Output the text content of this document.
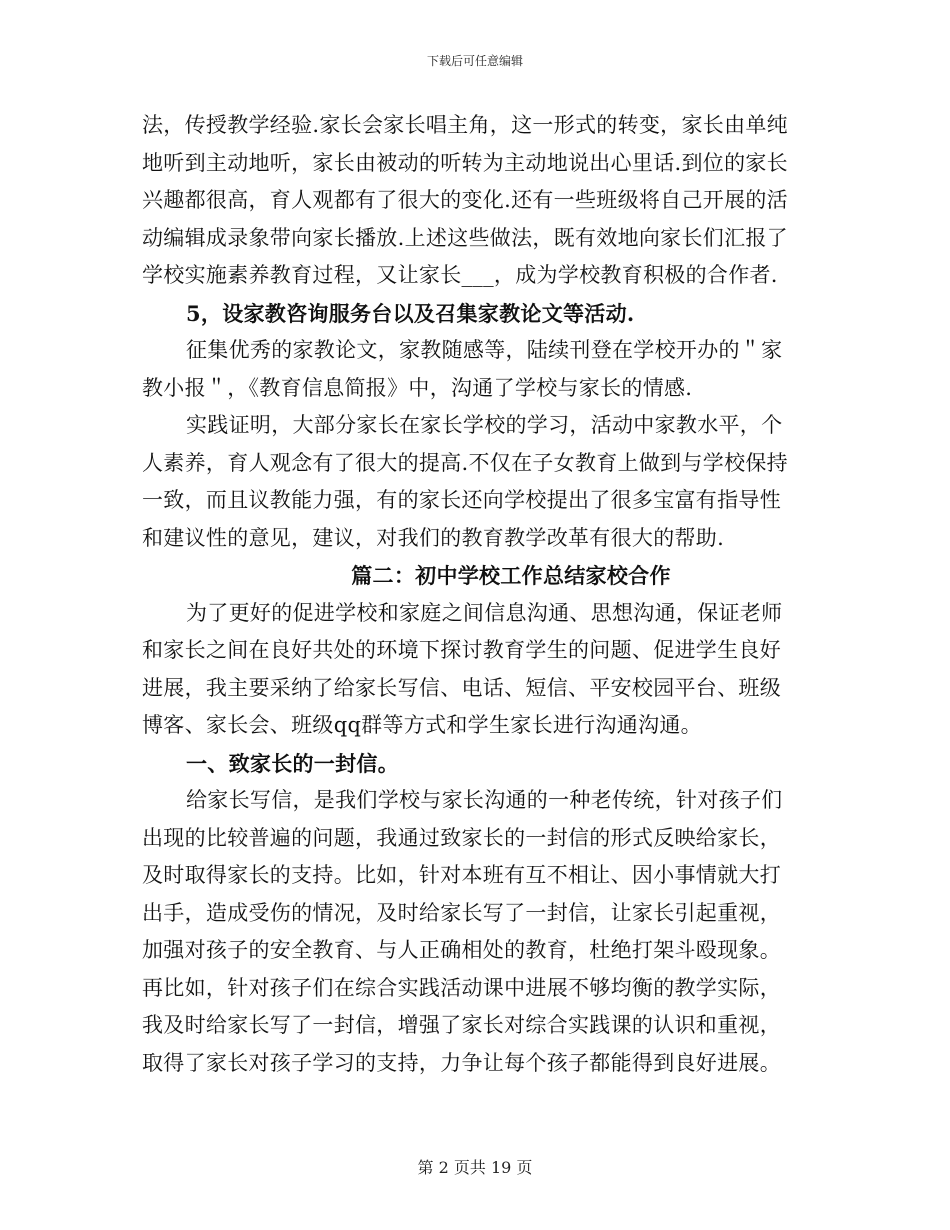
下载后可任意编辑
法，传授教学经验.家长会家长唱主角，这一形式的转变，家长由单纯
地听到主动地听，家长由被动的听转为主动地说出心里话.到位的家长
兴趣都很高，育人观都有了很大的变化.还有一些班级将自己开展的活
动编辑成录象带向家长播放.上述这些做法，既有效地向家长们汇报了
学校实施素养教育过程，又让家长___，成为学校教育积极的合作者.
5，设家教咨询服务台以及召集家教论文等活动.
征集优秀的家教论文，家教随感等，陆续刊登在学校开办的＂家
教小报＂，《教育信息简报》中，沟通了学校与家长的情感.
实践证明，大部分家长在家长学校的学习，活动中家教水平，个
人素养，育人观念有了很大的提高.不仅在子女教育上做到与学校保持
一致，而且议教能力强，有的家长还向学校提出了很多宝富有指导性
和建议性的意见，建议，对我们的教育教学改革有很大的帮助.
篇二：初中学校工作总结家校合作
为了更好的促进学校和家庭之间信息沟通、思想沟通，保证老师
和家长之间在良好共处的环境下探讨教育学生的问题、促进学生良好
进展，我主要采纳了给家长写信、电话、短信、平安校园平台、班级
博客、家长会、班级qq群等方式和学生家长进行沟通沟通。
一、致家长的一封信。
给家长写信，是我们学校与家长沟通的一种老传统，针对孩子们
出现的比较普遍的问题，我通过致家长的一封信的形式反映给家长，
及时取得家长的支持。比如，针对本班有互不相让、因小事情就大打
出手，造成受伤的情况，及时给家长写了一封信，让家长引起重视，
加强对孩子的安全教育、与人正确相处的教育，杜绝打架斗殴现象。
再比如，针对孩子们在综合实践活动课中进展不够均衡的教学实际，
我及时给家长写了一封信，增强了家长对综合实践课的认识和重视，
取得了家长对孩子学习的支持，力争让每个孩子都能得到良好进展。
第 2 页共 19 页
